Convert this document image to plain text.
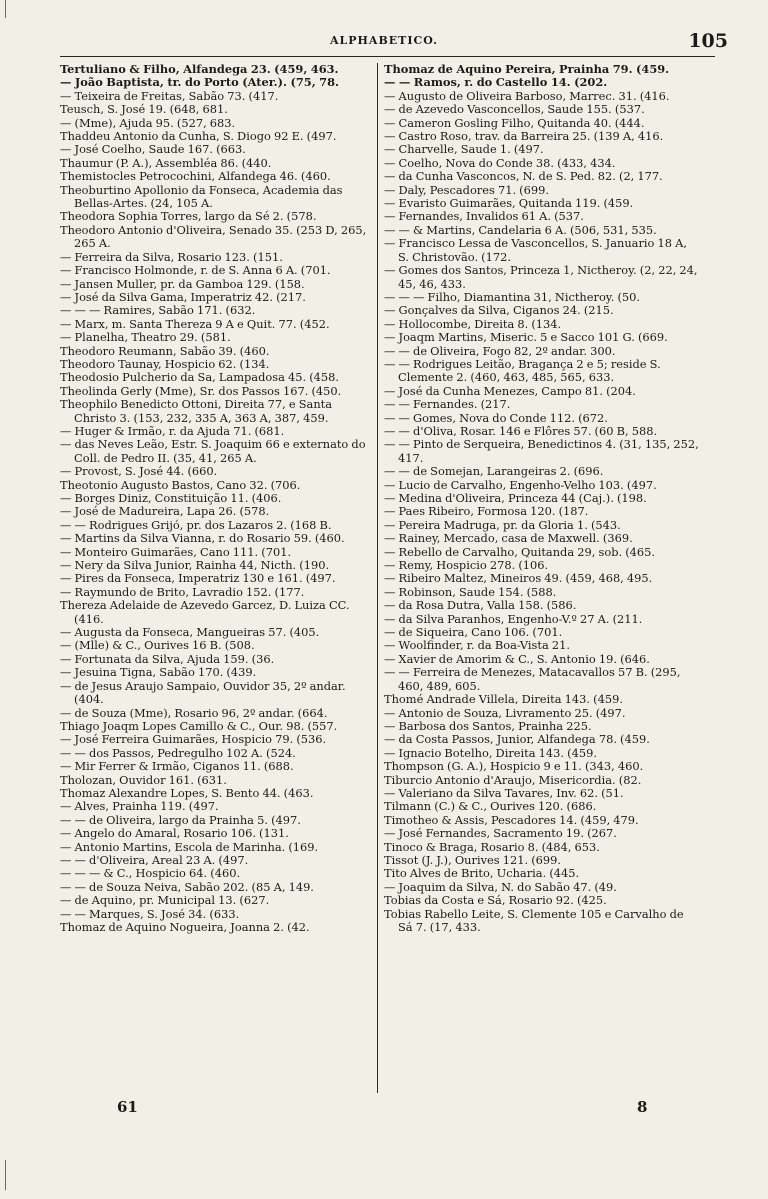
ALPHABETICO.	105
Tertuliano & Filho, Alfandega 23. (459, 463.
— João Baptista, tr. do Porto (Ater.). (75, 78.
— Teixeira de Freitas, Sabão 73. (417.
Teusch, S. José 19. (648, 681.
— (Mme), Ajuda 95. (527, 683.
Thaddeu Antonio da Cunha, S. Diogo 92 E. (497.
— José Coelho, Saude 167. (663.
Thaumur (P. A.), Assembléa 86. (440.
Themistocles Petrocochini, Alfandega 46. (460.
Theoburtino Apollonio da Fonseca, Academia das Bellas-Artes. (24, 105 A.
Theodora Sophia Torres, largo da Sé 2. (578.
Theodoro Antonio d'Oliveira, Senado 35. (253 D, 265, 265 A.
— Ferreira da Silva, Rosario 123. (151.
— Francisco Holmonde, r. de S. Anna 6 A. (701.
— Jansen Muller, pr. da Gamboa 129. (158.
— José da Silva Gama, Imperatriz 42. (217.
— — — Ramires, Sabão 171. (632.
— Marx, m. Santa Thereza 9 A e Quit. 77. (452.
— Planelha, Theatro 29. (581.
Theodoro Reumann, Sabão 39. (460.
Theodoro Taunay, Hospicio 62. (134.
Theodosio Pulcherio da Sa, Lampadosa 45. (458.
Theolinda Gerly (Mme), Sr. dos Passos 167. (450.
Theophilo Benedicto Ottoni, Direita 77, e Santa Christo 3. (153, 232, 335 A, 363 A, 387, 459.
— Huger & Irmão, r. da Ajuda 71. (681.
— das Neves Leão, Estr. S. Joaquim 66 e externato do Coll. de Pedro II. (35, 41, 265 A.
— Provost, S. José 44. (660.
Theotonio Augusto Bastos, Cano 32. (706.
— Borges Diniz, Constituição 11. (406.
— José de Madureira, Lapa 26. (578.
— — Rodrigues Grijó, pr. dos Lazaros 2. (168 B.
— Martins da Silva Vianna, r. do Rosario 59. (460.
— Monteiro Guimarães, Cano 111. (701.
— Nery da Silva Junior, Rainha 44, Nicth. (190.
— Pires da Fonseca, Imperatriz 130 e 161. (497.
— Raymundo de Brito, Lavradio 152. (177.
Thereza Adelaide de Azevedo Garcez, D. Luiza CC. (416.
— Augusta da Fonseca, Mangueiras 57. (405.
— (Mlle) & C., Ourives 16 B. (508.
— Fortunata da Silva, Ajuda 159. (36.
— Jesuina Tigna, Sabão 170. (439.
— de Jesus Araujo Sampaio, Ouvidor 35, 2º andar. (404.
— de Souza (Mme), Rosario 96, 2º andar. (664.
Thiago Joaqm Lopes Camillo & C., Our. 98. (557.
— José Ferreira Guimarães, Hospicio 79. (536.
— — dos Passos, Pedregulho 102 A. (524.
— Mir Ferrer & Irmão, Ciganos 11. (688.
Tholozan, Ouvidor 161. (631.
Thomaz Alexandre Lopes, S. Bento 44. (463.
— Alves, Prainha 119. (497.
— — de Oliveira, largo da Prainha 5. (497.
— Angelo do Amaral, Rosario 106. (131.
— Antonio Martins, Escola de Marinha. (169.
— — d'Oliveira, Areal 23 A. (497.
— — — & C., Hospicio 64. (460.
— — de Souza Neiva, Sabão 202. (85 A, 149.
— de Aquino, pr. Municipal 13. (627.
— — Marques, S. José 34. (633.
Thomaz de Aquino Nogueira, Joanna 2. (42.
Thomaz de Aquino Pereira, Prainha 79. (459.
— — Ramos, r. do Castello 14. (202.
— Augusto de Oliveira Barboso, Marrec. 31. (416.
— de Azevedo Vasconcellos, Saude 155. (537.
— Cameron Gosling Filho, Quitanda 40. (444.
— Castro Roso, trav. da Barreira 25. (139 A, 416.
— Charvelle, Saude 1. (497.
— Coelho, Nova do Conde 38. (433, 434.
— da Cunha Vasconcos, N. de S. Ped. 82. (2, 177.
— Daly, Pescadores 71. (699.
— Evaristo Guimarães, Quitanda 119. (459.
— Fernandes, Invalidos 61 A. (537.
— — & Martins, Candelaria 6 A. (506, 531, 535.
— Francisco Lessa de Vasconcellos, S. Januario 18 A, S. Christovão. (172.
— Gomes dos Santos, Princeza 1, Nictheroy. (2, 22, 24, 45, 46, 433.
— — — Filho, Diamantina 31, Nictheroy. (50.
— Gonçalves da Silva, Ciganos 24. (215.
— Hollocombe, Direita 8. (134.
— Joaqm Martins, Miseric. 5 e Sacco 101 G. (669.
— — de Oliveira, Fogo 82, 2º andar. 300.
— — Rodrigues Leitão, Bragança 2 e 5; reside S. Clemente 2. (460, 463, 485, 565, 633.
— José da Cunha Menezes, Campo 81. (204.
— — Fernandes. (217.
— — Gomes, Nova do Conde 112. (672.
— — d'Oliva, Rosar. 146 e Flôres 57. (60 B, 588.
— — Pinto de Serqueira, Benedictinos 4. (31, 135, 252, 417.
— — de Somejan, Larangeiras 2. (696.
— Lucio de Carvalho, Engenho-Velho 103. (497.
— Medina d'Oliveira, Princeza 44 (Caj.). (198.
— Paes Ribeiro, Formosa 120. (187.
— Pereira Madruga, pr. da Gloria 1. (543.
— Rainey, Mercado, casa de Maxwell. (369.
— Rebello de Carvalho, Quitanda 29, sob. (465.
— Remy, Hospicio 278. (106.
— Ribeiro Maltez, Mineiros 49. (459, 468, 495.
— Robinson, Saude 154. (588.
— da Rosa Dutra, Valla 158. (586.
— da Silva Paranhos, Engenho-V.º 27 A. (211.
— de Siqueira, Cano 106. (701.
— Woolfinder, r. da Boa-Vista 21.
— Xavier de Amorim & C., S. Antonio 19. (646.
— — Ferreira de Menezes, Matacavallos 57 B. (295, 460, 489, 605.
Thomé Andrade Villela, Direita 143. (459.
— Antonio de Souza, Livramento 25. (497.
— Barbosa dos Santos, Prainha 225.
— da Costa Passos, Junior, Alfandega 78. (459.
— Ignacio Botelho, Direita 143. (459.
Thompson (G. A.), Hospicio 9 e 11. (343, 460.
Tiburcio Antonio d'Araujo, Misericordia. (82.
— Valeriano da Silva Tavares, Inv. 62. (51.
Tilmann (C.) & C., Ourives 120. (686.
Timotheo & Assis, Pescadores 14. (459, 479.
— José Fernandes, Sacramento 19. (267.
Tinoco & Braga, Rosario 8. (484, 653.
Tissot (J. J.), Ourives 121. (699.
Tito Alves de Brito, Ucharia. (445.
— Joaquim da Silva, N. do Sabão 47. (49.
Tobias da Costa e Sá, Rosario 92. (425.
Tobias Rabello Leite, S. Clemente 105 e Carvalho de Sá 7. (17, 433.
61	8
